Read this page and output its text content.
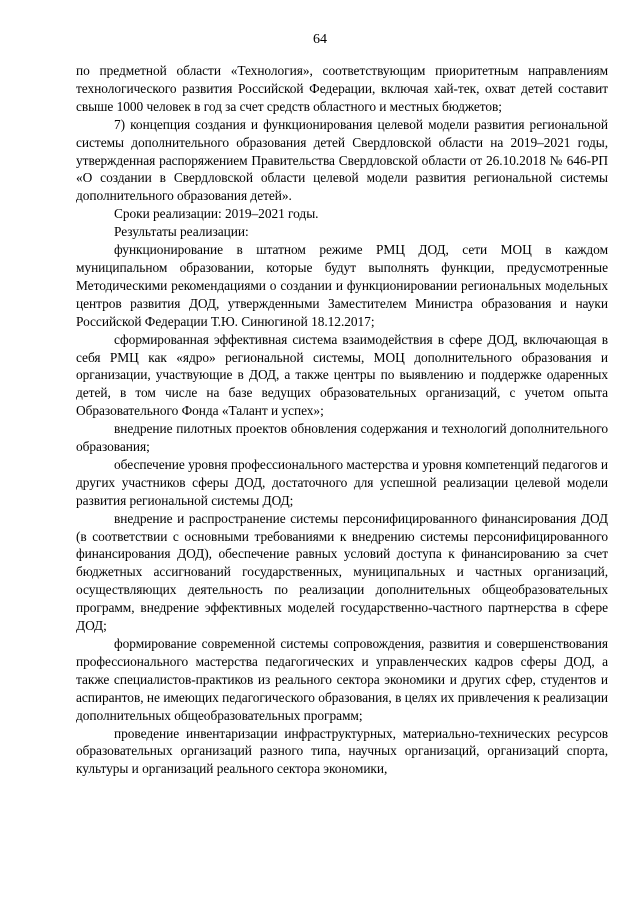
64

по предметной области «Технология», соответствующим приоритетным направлениям технологического развития Российской Федерации, включая хай-тек, охват детей составит свыше 1000 человек в год за счет средств областного и местных бюджетов;

7) концепция создания и функционирования целевой модели развития региональной системы дополнительного образования детей Свердловской области на 2019–2021 годы, утвержденная распоряжением Правительства Свердловской области от 26.10.2018 № 646-РП «О создании в Свердловской области целевой модели развития региональной системы дополнительного образования детей».

Сроки реализации: 2019–2021 годы.

Результаты реализации:

функционирование в штатном режиме РМЦ ДОД, сети МОЦ в каждом муниципальном образовании, которые будут выполнять функции, предусмотренные Методическими рекомендациями о создании и функционировании региональных модельных центров развития ДОД, утвержденными Заместителем Министра образования и науки Российской Федерации Т.Ю. Синюгиной 18.12.2017;

сформированная эффективная система взаимодействия в сфере ДОД, включающая в себя РМЦ как «ядро» региональной системы, МОЦ дополнительного образования и организации, участвующие в ДОД, а также центры по выявлению и поддержке одаренных детей, в том числе на базе ведущих образовательных организаций, с учетом опыта Образовательного Фонда «Талант и успех»;

внедрение пилотных проектов обновления содержания и технологий дополнительного образования;

обеспечение уровня профессионального мастерства и уровня компетенций педагогов и других участников сферы ДОД, достаточного для успешной реализации целевой модели развития региональной системы ДОД;

внедрение и распространение системы персонифицированного финансирования ДОД (в соответствии с основными требованиями к внедрению системы персонифицированного финансирования ДОД), обеспечение равных условий доступа к финансированию за счет бюджетных ассигнований государственных, муниципальных и частных организаций, осуществляющих деятельность по реализации дополнительных общеобразовательных программ, внедрение эффективных моделей государственно-частного партнерства в сфере ДОД;

формирование современной системы сопровождения, развития и совершенствования профессионального мастерства педагогических и управленческих кадров сферы ДОД, а также специалистов-практиков из реального сектора экономики и других сфер, студентов и аспирантов, не имеющих педагогического образования, в целях их привлечения к реализации дополнительных общеобразовательных программ;

проведение инвентаризации инфраструктурных, материально-технических ресурсов образовательных организаций разного типа, научных организаций, организаций спорта, культуры и организаций реального сектора экономики,
